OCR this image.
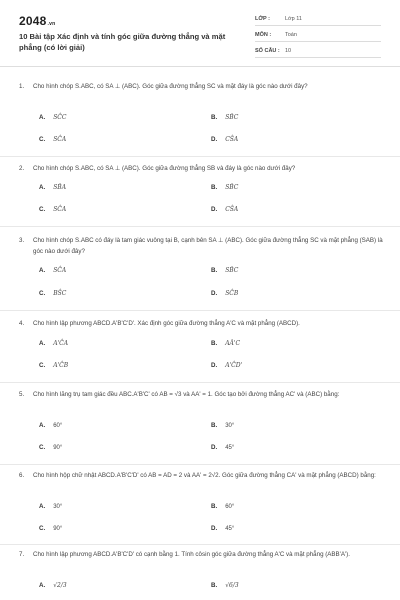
2048.vn
10 Bài tập Xác định và tính góc giữa đường thẳng và mặt phẳng (có lời giải)
LỚP :	Lớp 11
MÔN :	Toán
SỐ CÂU : 10
1. Cho hình chóp S.ABC, có SA ⊥ (ABC). Góc giữa đường thẳng SC và mặt đáy là góc nào dưới đây?
A. SĈC	B. SB̂C
C. SĈA	D. CŜA
2. Cho hình chóp S.ABC, có SA ⊥ (ABC). Góc giữa đường thẳng SB và đáy là góc nào dưới đây?
A. SB̂A	B. SB̂C
C. SĈA	D. CŜA
3. Cho hình chóp S.ABC có đáy là tam giác vuông tại B, cạnh bên SA ⊥ (ABC). Góc giữa đường thẳng SC và mặt phẳng (SAB) là góc nào dưới đây?
A. SĈA	B. SB̂C
C. BŜC	D. SĈB
4. Cho hình lập phương ABCD.A'B'C'D'. Xác định góc giữa đường thẳng A'C và mặt phẳng (ABCD).
A. A'ĈA	B. AÂ'C
C. A'ĈB	D. A'ĈD'
5. Cho hình lăng trụ tam giác đều ABC.A'B'C' có AB = √3 và AA' = 1. Góc tạo bởi đường thẳng AC' và (ABC) bằng:
A. 60°	B. 30°
C. 90°	D. 45°
6. Cho hình hộp chữ nhật ABCD.A'B'C'D' có AB = AD = 2 và AA' = 2√2. Góc giữa đường thẳng CA' và mặt phẳng (ABCD) bằng:
A. 30°	B. 60°
C. 90°	D. 45°
7. Cho hình lập phương ABCD.A'B'C'D' có cạnh bằng 1. Tính côsin góc giữa đường thẳng A'C và mặt phẳng (ABB'A').
A. √2/3	B. √6/3
